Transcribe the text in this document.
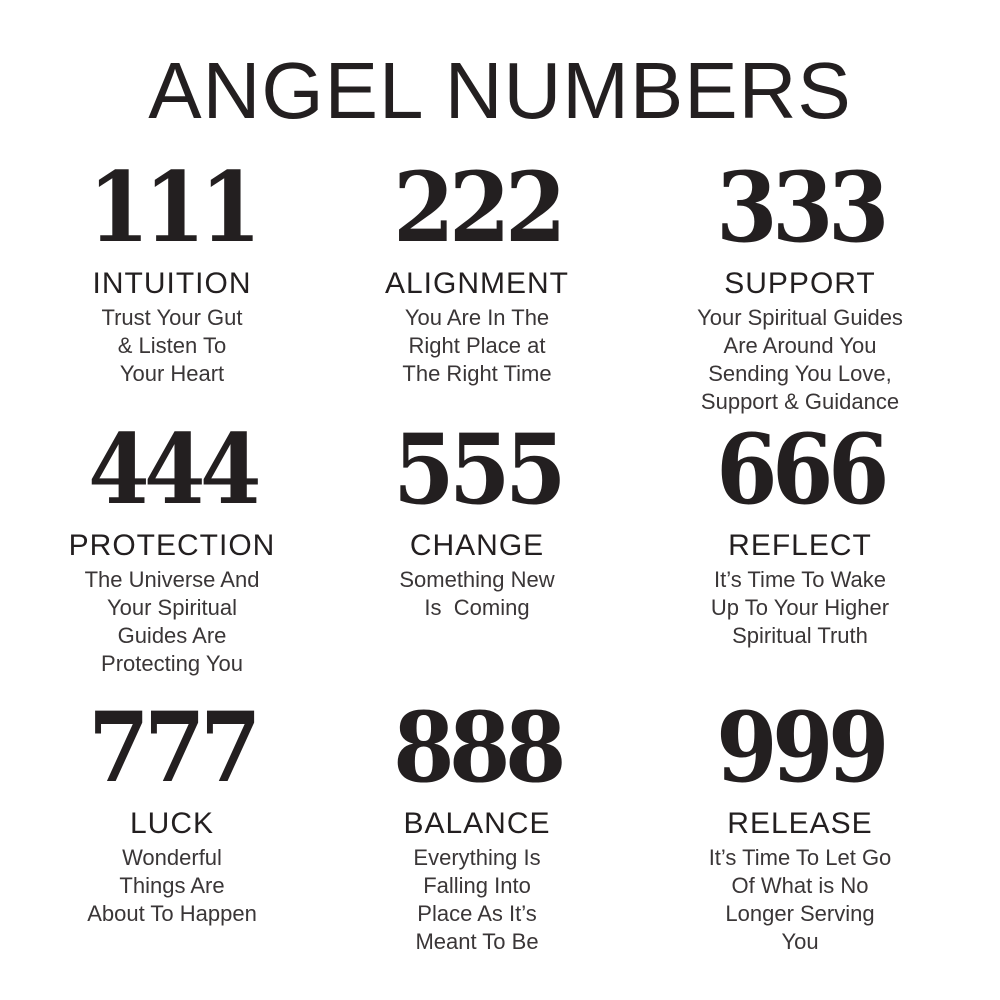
ANGEL NUMBERS
111
INTUITION
Trust Your Gut
& Listen To
Your Heart
222
ALIGNMENT
You Are In The
Right Place at
The Right Time
333
SUPPORT
Your Spiritual Guides
Are Around You
Sending You Love,
Support & Guidance
444
PROTECTION
The Universe And
Your Spiritual
Guides Are
Protecting You
555
CHANGE
Something New
Is  Coming
666
REFLECT
It’s Time To Wake
Up To Your Higher
Spiritual Truth
777
LUCK
Wonderful
Things Are
About To Happen
888
BALANCE
Everything Is
Falling Into
Place As It’s
Meant To Be
999
RELEASE
It’s Time To Let Go
Of What is No
Longer Serving
You
